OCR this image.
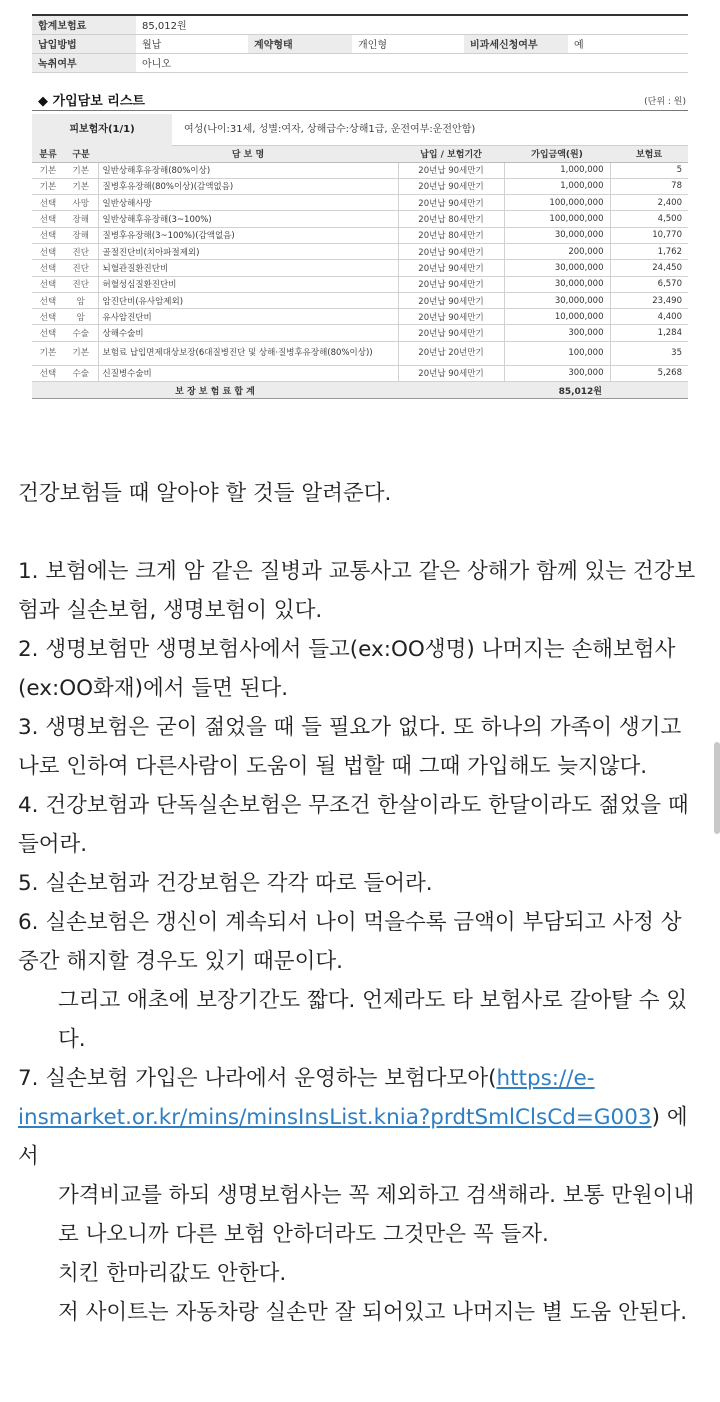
합계보험료	85,012원				
납입방법	월납	계약형태	개인형	비과세신청여부	예
녹취여부	아니오				
◆ 가입담보 리스트	(단위 : 원)
피보험자(1/1)	여성(나이:31세, 성별:여자, 상해급수:상해1급, 운전여부:운전안함)
분류	구분	담 보 명	납입 / 보험기간	가입금액(원)	보험료
기본	기본	일반상해후유장해(80%이상)	20년납 90세만기	1,000,000	5
기본	기본	질병후유장해(80%이상)(감액없음)	20년납 90세만기	1,000,000	78
선택	사망	일반상해사망	20년납 90세만기	100,000,000	2,400
선택	장해	일반상해후유장해(3~100%)	20년납 80세만기	100,000,000	4,500
선택	장해	질병후유장해(3~100%)(감액없음)	20년납 80세만기	30,000,000	10,770
선택	진단	골절진단비(치아파절제외)	20년납 90세만기	200,000	1,762
선택	진단	뇌혈관질환진단비	20년납 90세만기	30,000,000	24,450
선택	진단	허혈성심질환진단비	20년납 90세만기	30,000,000	6,570
선택	암	암진단비(유사암제외)	20년납 90세만기	30,000,000	23,490
선택	암	유사암진단비	20년납 90세만기	10,000,000	4,400
선택	수술	상해수술비	20년납 90세만기	300,000	1,284
기본	기본	보험료 납입면제대상보장(6대질병진단 및 상해·질병후유장해(80%이상))	20년납 20년만기	100,000	35
선택	수술	신질병수술비	20년납 90세만기	300,000	5,268
보 장 보 험 료 합 계			85,012원		

건강보험들 때 알아야 할 것들 알려준다.

1. 보험에는 크게 암 같은 질병과 교통사고 같은 상해가 함께 있는 건강보험과 실손보험, 생명보험이 있다.

2. 생명보험만 생명보험사에서 들고(ex:OO생명) 나머지는 손해보험사(ex:OO화재)에서 들면 된다.

3. 생명보험은 굳이 젊었을 때 들 필요가 없다. 또 하나의 가족이 생기고 나로 인하여 다른사람이 도움이 될 법할 때 그때 가입해도 늦지않다.

4. 건강보험과 단독실손보험은 무조건 한살이라도 한달이라도 젊었을 때 들어라.

5. 실손보험과 건강보험은 각각 따로 들어라.

6. 실손보험은 갱신이 계속되서 나이 먹을수록 금액이 부담되고 사정 상 중간 해지할 경우도 있기 때문이다.

그리고 애초에 보장기간도 짧다. 언제라도 타 보험사로 갈아탈 수 있다.

7. 실손보험 가입은 나라에서 운영하는 보험다모아(https://e-insmarket.or.kr/mins/minsInsList.knia?prdtSmlClsCd=G003) 에서

가격비교를 하되 생명보험사는 꼭 제외하고 검색해라. 보통 만원이내로 나오니까 다른 보험 안하더라도 그것만은 꼭 들자.

치킨 한마리값도 안한다.

저 사이트는 자동차랑 실손만 잘 되어있고 나머지는 별 도움 안된다.
